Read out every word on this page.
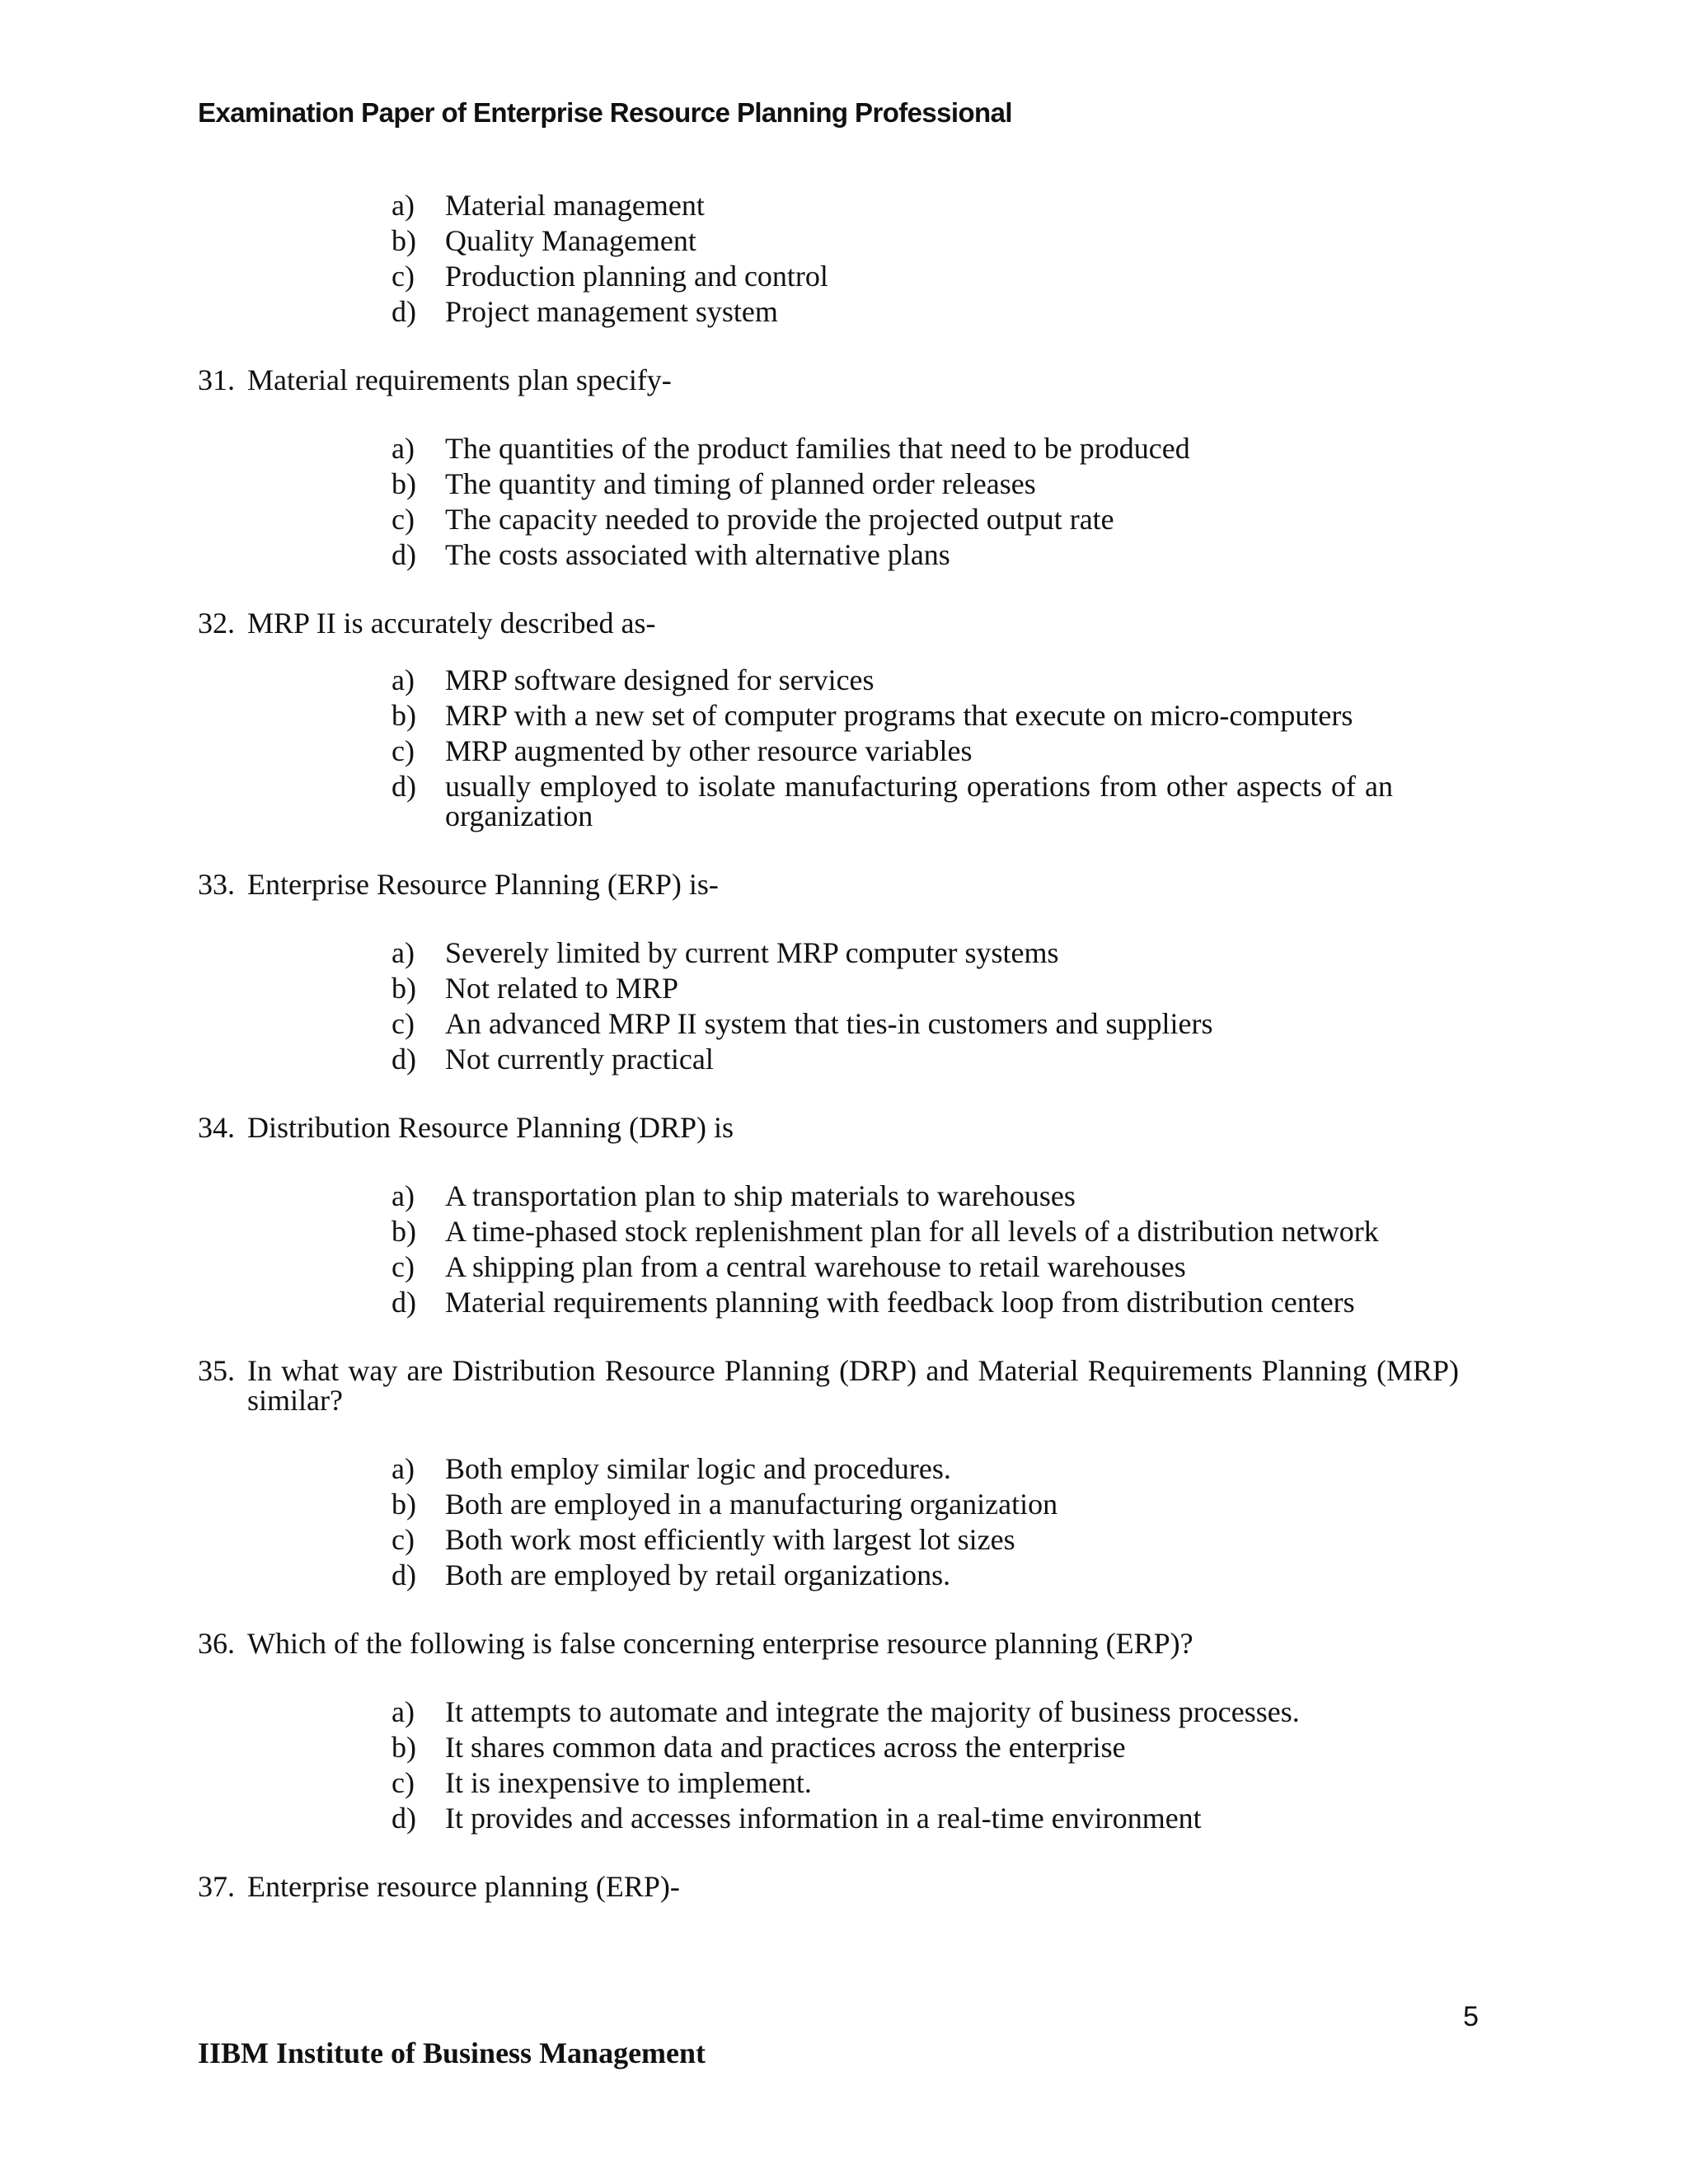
Examination Paper of Enterprise Resource Planning Professional
a)	Material management
b) Quality Management
c)	Production planning and control
d) Project management system
31. Material requirements plan specify-
a)	The quantities of the product families that need to be produced
b) The quantity and timing of planned order releases
c)	The capacity needed to provide the projected output rate
d) The costs associated with alternative plans
32. MRP II is accurately described as-
a)	MRP software designed for services
b) MRP with a new set of computer programs that execute on micro-computers
c)	MRP augmented by other resource variables
d) usually employed to isolate manufacturing operations from other aspects of an organization
33. Enterprise Resource Planning (ERP) is-
a)	Severely limited by current MRP computer systems
b) Not related to MRP
c)	An advanced MRP II system that ties-in customers and suppliers
d) Not currently practical
34. Distribution Resource Planning (DRP) is
a)	A transportation plan to ship materials to warehouses
b) A time-phased stock replenishment plan for all levels of a distribution network
c)	A shipping plan from a central warehouse to retail warehouses
d) Material requirements planning with feedback loop from distribution centers
35. In what way are Distribution Resource Planning (DRP) and Material Requirements Planning (MRP) similar?
a)	Both employ similar logic and procedures.
b) Both are employed in a manufacturing organization
c)	Both work most efficiently with largest lot sizes
d) Both are employed by retail organizations.
36. Which of the following is false concerning enterprise resource planning (ERP)?
a)	It attempts to automate and integrate the majority of business processes.
b) It shares common data and practices across the enterprise
c)	It is inexpensive to implement.
d) It provides and accesses information in a real-time environment
37. Enterprise resource planning (ERP)-
5
IIBM Institute of Business Management
